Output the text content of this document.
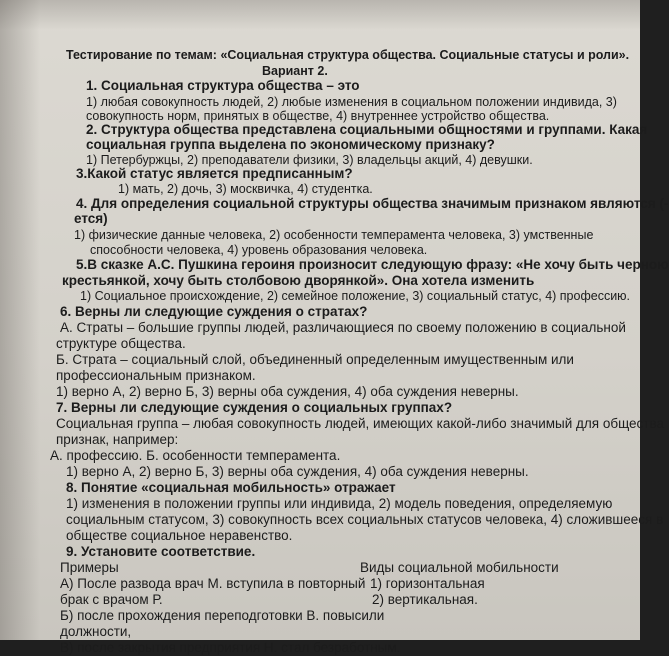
Тестирование по темам: «Социальная структура общества. Социальные статусы и роли».

Вариант 2.

1. Социальная структура общества – это

1) любая совокупность людей, 2) любые изменения в социальном положении индивида, 3)

совокупность норм, принятых в обществе, 4) внутреннее устройство общества.

2. Структура общества представлена социальными общностями и группами. Какая

социальная группа выделена по экономическому признаку?

1) Петербуржцы, 2) преподаватели физики, 3) владельцы акций, 4) девушки.

3.Какой статус является предписанным?

1) мать, 2) дочь, 3) москвичка, 4) студентка.

4. Для определения социальной структуры общества значимым признаком являются (-

ется)

1) физические данные человека, 2) особенности темперамента человека, 3) умственные

способности человека, 4) уровень образования человека.

5.В сказке А.С. Пушкина героиня произносит следующую фразу: «Не хочу быть черною

крестьянкой, хочу быть столбовою дворянкой». Она хотела изменить

1) Социальное происхождение, 2) семейное положение, 3) социальный статус, 4) профессию.

6. Верны ли следующие суждения о стратах?

А. Страты – большие группы людей, различающиеся по своему положению в социальной

структуре общества.

Б. Страта – социальный слой, объединенный определенным имущественным или

профессиональным признаком.

1) верно А, 2) верно Б, 3) верны оба суждения, 4) оба суждения неверны.

7. Верны ли следующие суждения о социальных группах?

Социальная группа – любая совокупность людей, имеющих какой-либо значимый для общества

признак, например:

А. профессию. Б. особенности темперамента.

1) верно А, 2) верно Б, 3) верны оба суждения, 4) оба суждения неверны.

8. Понятие «социальная мобильность» отражает

1) изменения в положении группы или индивида, 2) модель поведения, определяемую

социальным статусом, 3) совокупность всех социальных статусов человека, 4) сложившееся в

обществе социальное неравенство.

9. Установите соответствие.

Примеры	Виды социальной мобильности

А) После развода врач М. вступила в повторный 1) горизонтальная

брак с врачом Р.	2) вертикальная.

Б) после прохождения переподготовки В. повысили

должности,

В) после закрытия предприятия Н. стал безработным.
